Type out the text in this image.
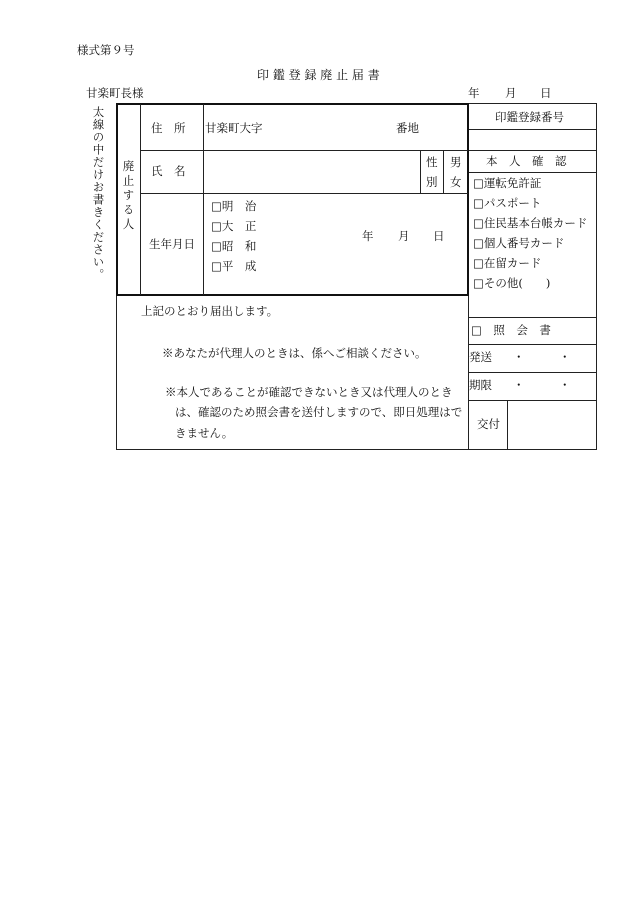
様式第９号
印 鑑 登 録 廃 止 届 書
甘楽町長様	年 月 日
太線の中だけお書きください。 廃止する人
住　所 甘楽町大字	番地
氏　名
性
別
男
女
生年月日
□明　治
□大　正
□昭　和
□平　成
年 月 日
印鑑登録番号
本　人　確　認
□運転免許証
□パスポート
□住民基本台帳カード
□個人番号カード
□在留カード
□その他(　　)
□　照　会　書
発送 ・　　　・
期限 ・　　　・
交付
上記のとおり届出します。
※あなたが代理人のときは、係へご相談ください。
※本人であることが確認できないとき又は代理人のとき
は、確認のため照会書を送付しますので、即日処理はで
きません。
